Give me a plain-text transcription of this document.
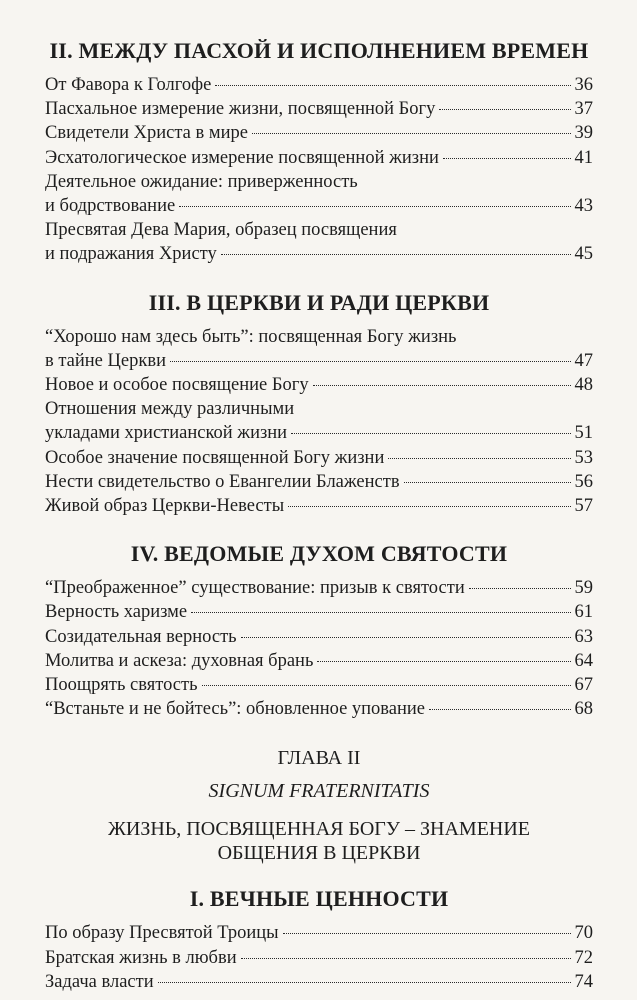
II. МЕЖДУ ПАСХОЙ И ИСПОЛНЕНИЕМ ВРЕМЕН
От Фавора к Голгофе	36
Пасхальное измерение жизни, посвященной Богу	37
Свидетели Христа в мире	39
Эсхатологическое измерение посвященной жизни	41
Деятельное ожидание: приверженность
и бодрствование	43
Пресвятая Дева Мария, образец посвящения
и подражания Христу	45
III. В ЦЕРКВИ И РАДИ ЦЕРКВИ
“Хорошо нам здесь быть”: посвященная Богу жизнь
в тайне Церкви	47
Новое и особое посвящение Богу	48
Отношения между различными
укладами христианской жизни	51
Особое значение посвященной Богу жизни	53
Нести свидетельство о Евангелии Блаженств	56
Живой образ Церкви-Невесты	57
IV. ВЕДОМЫЕ ДУХОМ СВЯТОСТИ
“Преображенное” существование: призыв к святости	59
Верность харизме	61
Созидательная верность	63
Молитва и аскеза: духовная брань	64
Поощрять святость	67
“Встаньте и не бойтесь”: обновленное упование	68
ГЛАВА II
SIGNUM FRATERNITATIS
ЖИЗНЬ, ПОСВЯЩЕННАЯ БОГУ – ЗНАМЕНИЕ
ОБЩЕНИЯ В ЦЕРКВИ
I. ВЕЧНЫЕ ЦЕННОСТИ
По образу Пресвятой Троицы	70
Братская жизнь в любви	72
Задача власти	74
